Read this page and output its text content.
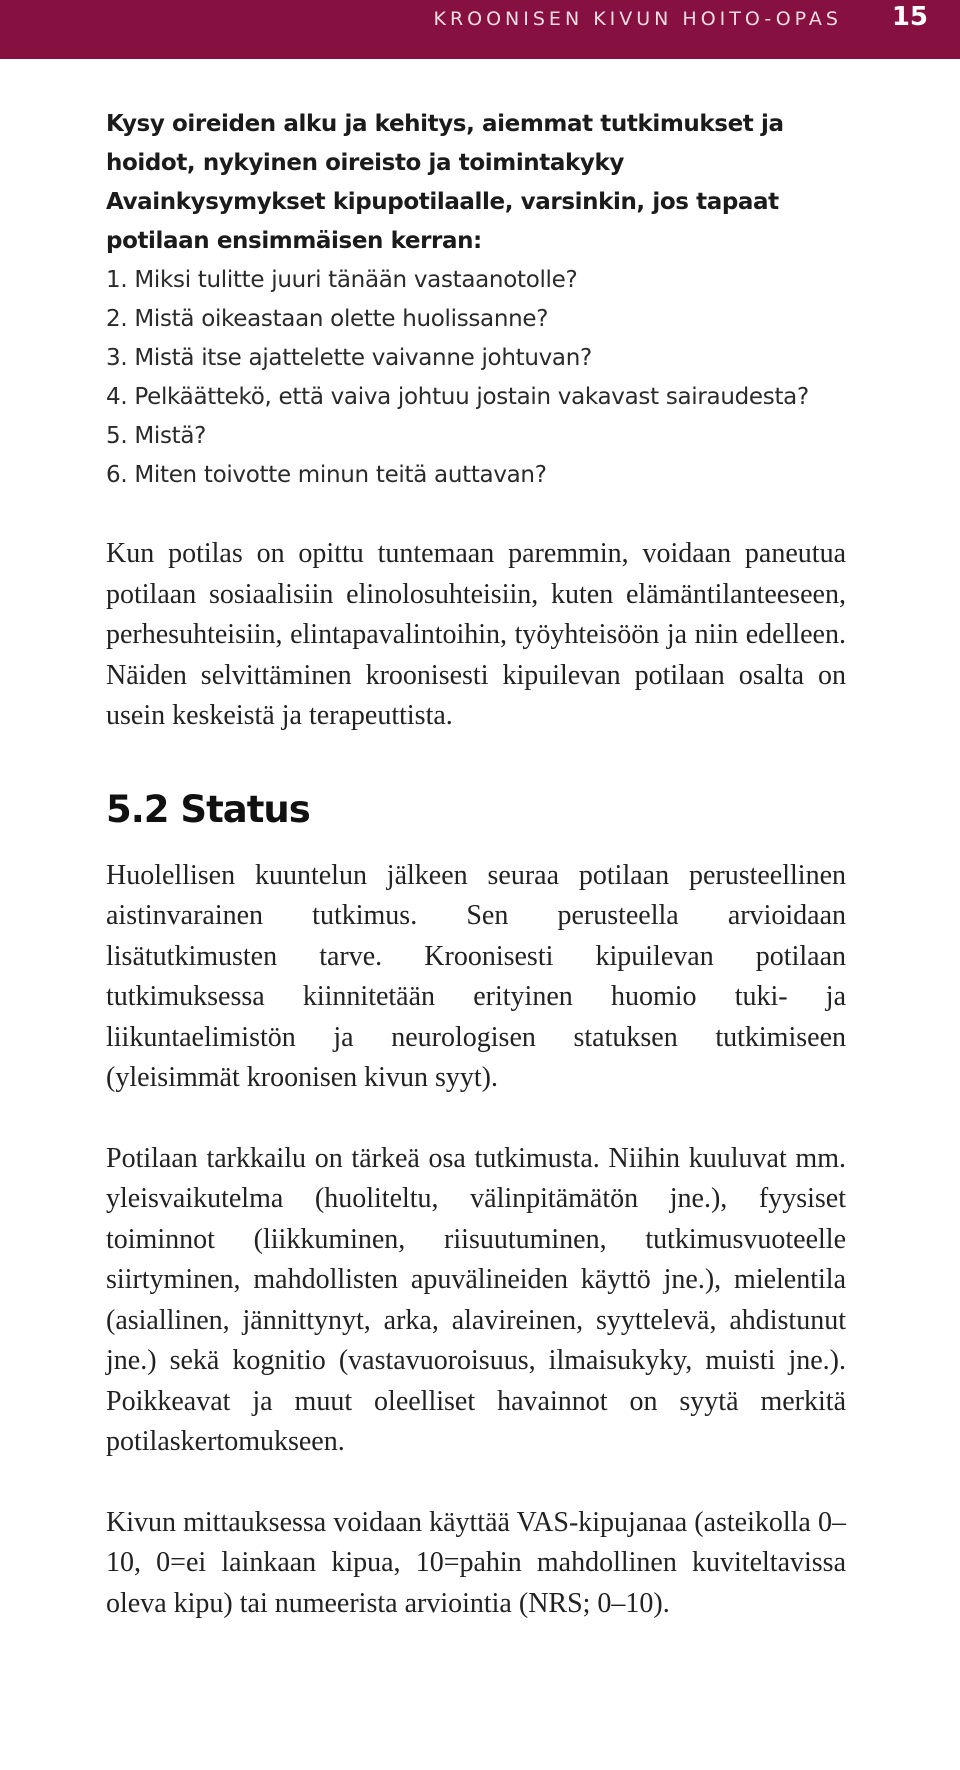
KROONISEN KIVUN HOITO-OPAS 15

Kysy oireiden alku ja kehitys, aiemmat tutkimukset ja hoidot, nykyinen oireisto ja toimintakyky Avainkysymykset kipupotilaalle, varsinkin, jos tapaat potilaan ensimmäisen kerran:

1. Miksi tulitte juuri tänään vastaanotolle?
2. Mistä oikeastaan olette huolissanne?
3. Mistä itse ajattelette vaivanne johtuvan?
4. Pelkäättekö, että vaiva johtuu jostain vakavast sairaudesta?
5. Mistä?
6. Miten toivotte minun teitä auttavan?

Kun potilas on opittu tuntemaan paremmin, voidaan paneutua potilaan sosiaalisiin elinolosuhteisiin, kuten elämäntilanteeseen, perhesuhteisiin, elintapavalintoihin, työyhteisöön ja niin edelleen. Näiden selvittäminen kroonisesti kipuilevan potilaan osalta on usein keskeistä ja terapeuttista.

5.2 Status

Huolellisen kuuntelun jälkeen seuraa potilaan perusteellinen aistinvarainen tutkimus. Sen perusteella arvioidaan lisätutkimusten tarve. Kroonisesti kipuilevan potilaan tutkimuksessa kiinnitetään erityinen huomio tuki- ja liikuntaelimistön ja neurologisen statuksen tutkimiseen (yleisimmät kroonisen kivun syyt).

Potilaan tarkkailu on tärkeä osa tutkimusta. Niihin kuuluvat mm. yleisvaikutelma (huoliteltu, välinpitämätön jne.), fyysiset toiminnot (liikkuminen, riisuutuminen, tutkimusvuoteelle siirtyminen, mahdollisten apuvälineiden käyttö jne.), mielentila (asiallinen, jännittynyt, arka, alavireinen, syyttelevä, ahdistunut jne.) sekä kognitio (vastavuoroisuus, ilmaisukyky, muisti jne.). Poikkeavat ja muut oleelliset havainnot on syytä merkitä potilaskertomukseen.

Kivun mittauksessa voidaan käyttää VAS-kipujanaa (asteikolla 0–10, 0=ei lainkaan kipua, 10=pahin mahdollinen kuviteltavissa oleva kipu) tai numeerista arviointia (NRS; 0–10).
